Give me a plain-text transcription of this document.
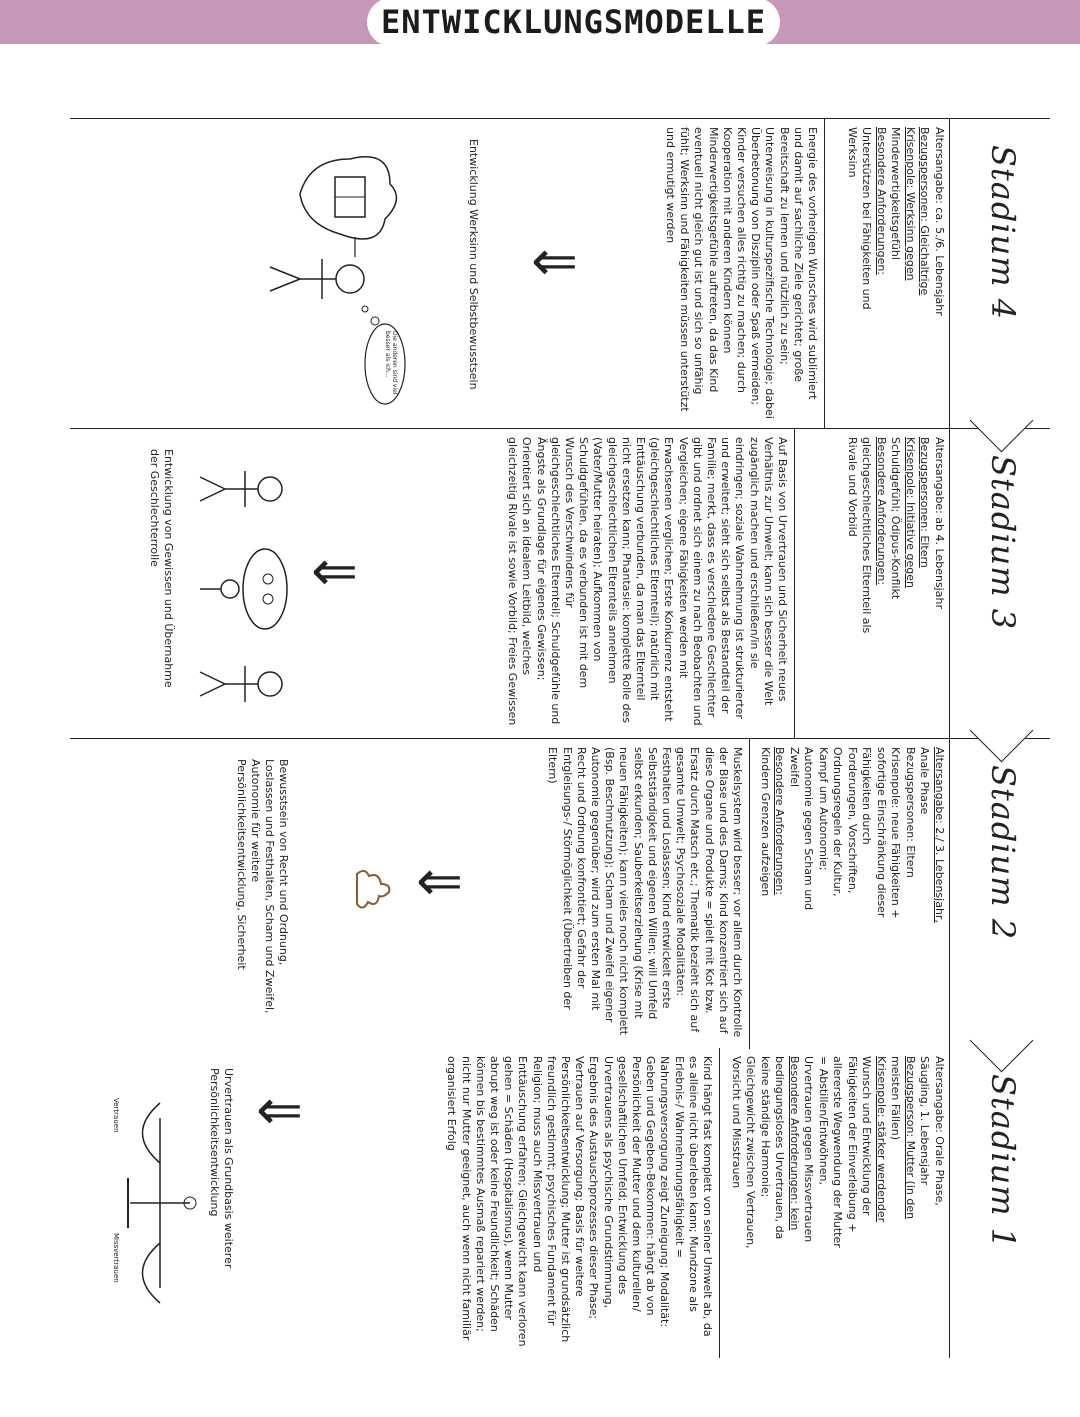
ENTWICKLUNGSMODELLE
Stadium 1
Altersangabe: Orale Phase,
Säugling, 1. Lebensjahr
Bezugsperson: Mutter (in den
meisten Fällen)
Krisenpole: stärker werdender
Wunsch und Entwicklung der
Fähigkeiten der Einverleibung +
allererste Wegwendung der Mutter
= Abstillen/Entwöhnen,
Urvertrauen gegen Missvertrauen
Besondere Anforderungen: kein
bedingungsloses Urvertrauen, da
keine ständige Harmonie;
Gleichgewicht zwischen Vertrauen,
Vorsicht und Misstrauen
Kind hängt fast komplett von seiner Umwelt ab, da es alleine nicht überleben kann; Mundzone als Erlebnis-/ Wahrnehmungsfähigkeit = Nahrungsversorgung zeigt Zuneigung; Modalität: Geben und Gegeben-Bekommen: hängt ab von Persönlichkeit der Mutter und dem kulturellen/ gesellschaftlichen Umfeld; Entwicklung des Urvertrauens als psychische Grundstimmung, Ergebnis des Austauschprozesses dieser Phase; Vertrauen auf Versorgung; Basis für weitere Persönlichkeitsentwicklung; Mutter ist grundsätzlich freundlich gestimmt; psychisches Fundament für Religion; muss auch Missvertrauen und Enttäuschung erfahren; Gleichgewicht kann verloren gehen = Schäden (Hospitalismus), wenn Mutter abrupt weg ist oder keine Freundlichkeit; Schäden können bis bestimmtes Ausmaß repariert werden; nicht nur Mutter geeignet, auch wenn nicht familiär organisiert Erfolg
⇓
Urvertrauen als Grundbasis weiterer Persönlichkeitsentwicklung
Vertrauen
Missvertrauen
Stadium 2
Altersangabe: 2./ 3. Lebensjahr,
Anale Phase
Bezugspersonen: Eltern
Krisenpole: neue Fähigkeiten +
sofortige Einschränkung dieser
Fähigkeiten durch
Forderungen, Vorschriften,
Ordnungsregeln der Kultur,
Kampf um Autonomie;
Autonomie gegen Scham und
Zweifel
Besondere Anforderungen:
Kindern Grenzen aufzeigen
Muskelsystem wird besser; vor allem durch Kontrolle der Blase und des Darms; Kind konzentriert sich auf diese Organe und Produkte = spielt mit Kot bzw. Ersatz durch Matsch etc.; Thematik bezieht sich auf gesamte Umwelt; Psychosoziale Modalitäten: Festhalten und Loslassen; Kind entwickelt erste Selbstständigkeit und eigenen Willen; will Umfeld selbst erkunden; Sauberkeitserziehung (Krise mit neuen Fähigkeiten); kann vieles noch nicht komplett (Bsp. Beschmutzung); Scham und Zweifel eigener Autonomie gegenüber; wird zum ersten Mal mit Recht und Ordnung konfrontiert; Gefahr der Entgleisungs-/ Störmöglichkeit (Übertreiben der Eltern)
⇓
Bewusstsein von Recht und Ordnung, Loslassen und Festhalten, Scham und Zweifel, Autonomie für weitere Persönlichkeitsentwicklung, Sicherheit
Stadium 3
Altersangabe: ab 4. Lebensjahr
Bezugspersonen: Eltern
Krisenpole: Initiative gegen
Schuldgefühl; Ödipus-Konflikt
Besondere Anforderungen:
gleichgeschlechtliches Elternteil als
Rivale und Vorbild
Auf Basis von Urvertrauen und Sicherheit neues Verhältnis zur Umwelt; kann sich besser die Welt zugänglich machen und erschließen/in sie eindringen; soziale Wahrnehmung ist strukturierter und erweitert; sieht sich selbst als Bestandteil der Familie; merkt, dass es verschiedene Geschlechter gibt und ordnet sich einem zu nach Beobachten und Vergleichen; eigene Fähigkeiten werden mit Erwachsenen verglichen; Erste Konkurrenz entsteht (gleichgeschlechtliches Elternteil); natürlich mit Enttäuschung verbunden, da man das Elternteil nicht ersetzen kann; Phantasie: komplette Rolle des gleichgeschlechtlichen Elternteils annehmen (Vater/Mutter heiraten); Aufkommen von Schuldgefühlen, da es verbunden ist mit dem Wunsch des Verschwindens für gleichgeschlechtliches Elternteil; Schuldgefühle und Ängste als Grundlage für eigenes Gewissen; Orientiert sich an idealem Leitbild, welches gleichzeitig Rivale ist sowie Vorbild; Freies Gewissen
⇓
Entwicklung von Gewissen und Übernahme der Geschlechterrolle
Stadium 4
Altersangabe: ca. 5./6. Lebensjahr
Bezugspersonen: Gleichaltrige
Krisenpole: Werksinn gegen
Minderwertigkeitsgefühl
Besondere Anforderungen:
Unterstützen bei Fähigkeiten und
Werksinn
Energie des vorherigen Wunsches wird sublimiert und damit auf sachliche Ziele gerichtet; große Bereitschaft zu lernen und nützlich zu sein; Unterweisung in kulturspezifische Technologie; dabei Überbetonung von Disziplin oder Spaß vermeiden; Kinder versuchen alles richtig zu machen; durch Kooperation mit anderen Kindern können Minderwertigkeitsgefühle auftreten, da das Kind eventuell nicht gleich gut ist und sich so unfähig fühlt; Werksinn und Fähigkeiten müssen unterstützt und ermutigt werden
⇓
Entwicklung Werksinn und Selbstbewusstsein
Die anderen sind viel besser als ich...
